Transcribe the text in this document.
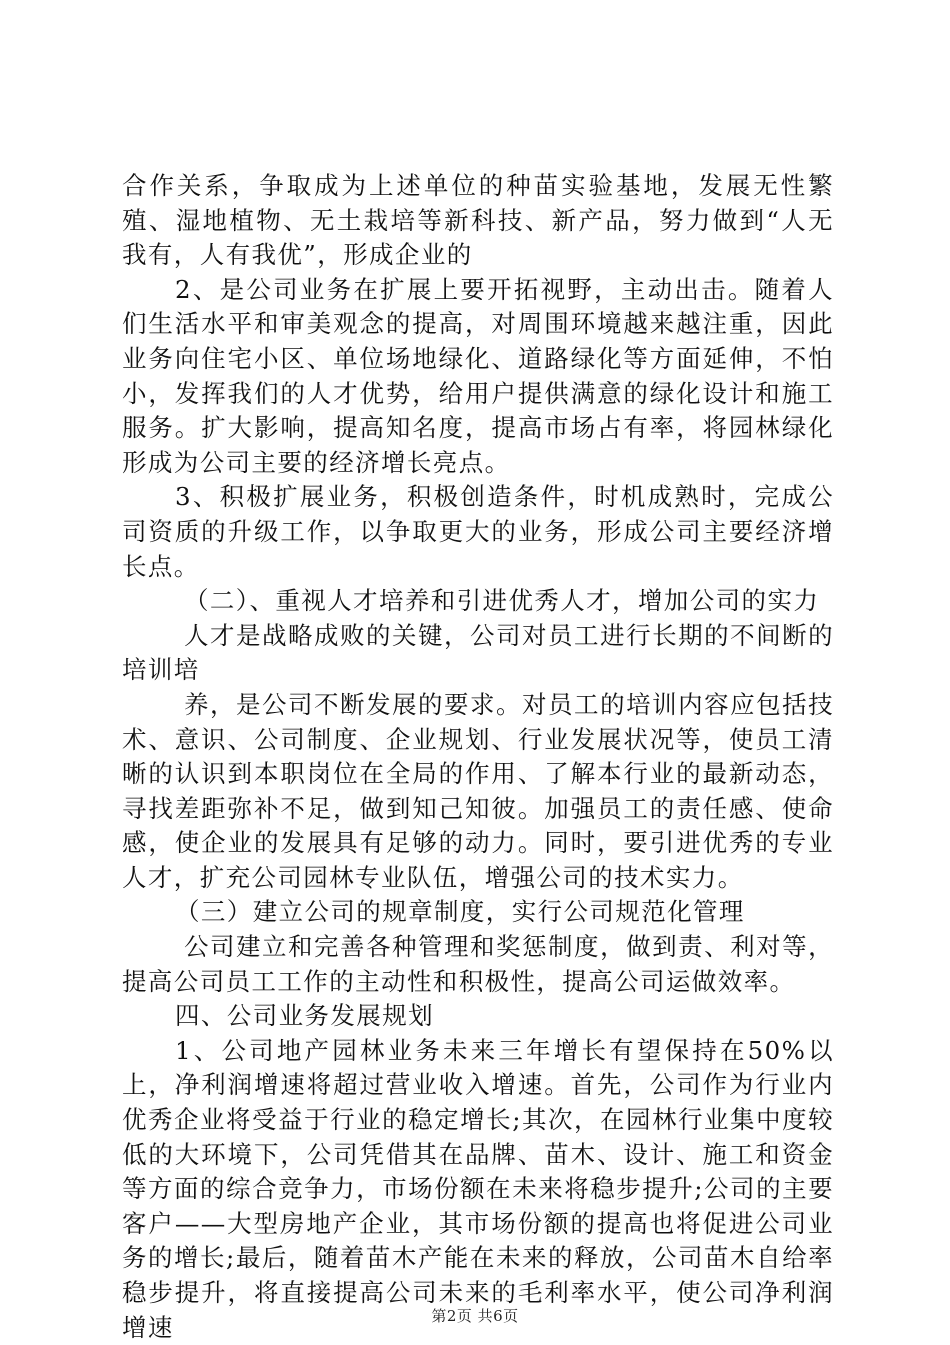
合作关系，争取成为上述单位的种苗实验基地，发展无性繁殖、湿地植物、无土栽培等新科技、新产品，努力做到“人无我有，人有我优”，形成企业的

2、是公司业务在扩展上要开拓视野，主动出击。随着人们生活水平和审美观念的提高，对周围环境越来越注重，因此业务向住宅小区、单位场地绿化、道路绿化等方面延伸，不怕小，发挥我们的人才优势，给用户提供满意的绿化设计和施工服务。扩大影响，提高知名度，提高市场占有率，将园林绿化形成为公司主要的经济增长亮点。

3、积极扩展业务，积极创造条件，时机成熟时，完成公司资质的升级工作，以争取更大的业务，形成公司主要经济增长点。

（二）、重视人才培养和引进优秀人才，增加公司的实力

人才是战略成败的关键，公司对员工进行长期的不间断的培训培

养，是公司不断发展的要求。对员工的培训内容应包括技术、意识、公司制度、企业规划、行业发展状况等，使员工清晰的认识到本职岗位在全局的作用、了解本行业的最新动态，寻找差距弥补不足，做到知己知彼。加强员工的责任感、使命感，使企业的发展具有足够的动力。同时，要引进优秀的专业人才，扩充公司园林专业队伍，增强公司的技术实力。

（三）建立公司的规章制度，实行公司规范化管理

公司建立和完善各种管理和奖惩制度，做到责、利对等，提高公司员工工作的主动性和积极性，提高公司运做效率。

四、公司业务发展规划

1、公司地产园林业务未来三年增长有望保持在50%以上，净利润增速将超过营业收入增速。首先，公司作为行业内优秀企业将受益于行业的稳定增长;其次，在园林行业集中度较低的大环境下，公司凭借其在品牌、苗木、设计、施工和资金等方面的综合竞争力，市场份额在未来将稳步提升;公司的主要客户——大型房地产企业，其市场份额的提高也将促进公司业务的增长;最后，随着苗木产能在未来的释放，公司苗木自给率稳步提升，将直接提高公司未来的毛利率水平，使公司净利润增速	第2页 共6页
